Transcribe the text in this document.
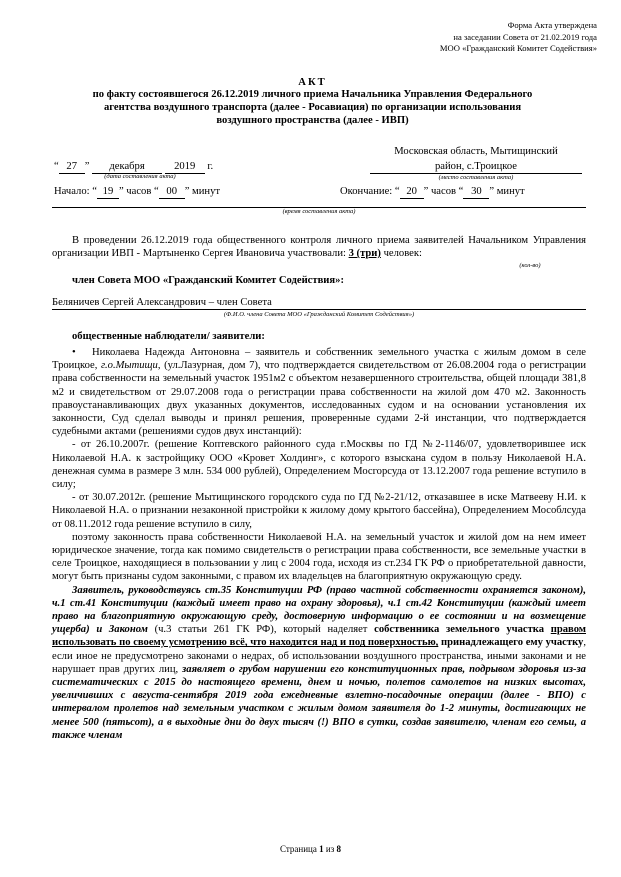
Форма Акта утверждена
на заседании Совета от 21.02.2019 года
МОО «Гражданский Комитет Содействия»
АКТ
по факту состоявшегося 26.12.2019 личного приема Начальника Управления Федерального
агентства воздушного транспорта (далее - Росавиация) по организации использования
воздушного пространства (далее - ИВП)
“ 27 ” декабря	2019 г.
(дата составления акта)
Московская область, Мытищинский
район, с.Троицкое
(место составления акта)
Начало: “ 19 ” часов “ 00 ” минут	Окончание: “ 20 ” часов “ 30 ” минут
(время составления акта)
В проведении 26.12.2019 года общественного контроля личного приема заявителей Начальником Управления организации ИВП - Мартыненко Сергея Ивановича участвовали: 3 (три) человек:
(кол-во)
член Совета МОО «Гражданский Комитет Содействия»:
Беляничев Сергей Александрович – член Совета
(Ф.И.О. члена Совета МОО «Гражданский Комитет Содействия»)
общественные наблюдатели/ заявители:

• Николаева Надежда Антоновна – заявитель и собственник земельного участка с жилым домом в селе Троицкое, г.о.Мытищи, (ул.Лазурная, дом 7), что подтверждается свидетельством от 26.08.2004 года о регистрации права собственности на земельный участок 1951м2 с объектом незавершенного строительства, общей площади 381,8 м2 и свидетельством от 29.07.2008 года о регистрации права собственности на жилой дом 470 м2. Законность правоустанавливающих двух указанных документов, исследованных судом и на основании установления их законности, Суд сделал выводы и принял решения, проверенные судами 2-й инстанции, что подтверждается судебными актами (решениями судов двух инстанций):

- от 26.10.2007г. (решение Коптевского районного суда г.Москвы по ГД №2-1146/07, удовлетворившее иск Николаевой Н.А. к застройщику ООО «Кровет Холдинг», с которого взыскана судом в пользу Николаевой Н.А. денежная сумма в размере 3 млн. 534 000 рублей), Определением Мосгорсуда от 13.12.2007 года решение вступило в силу;

- от 30.07.2012г. (решение Мытищинского городского суда по ГД №2-21/12, отказавшее в иске Матвееву Н.И. к Николаевой Н.А. о признании незаконной пристройки к жилому дому крытого бассейна), Определением Мособлсуда от 08.11.2012 года решение вступило в силу,

поэтому законность права собственности Николаевой Н.А. на земельный участок и жилой дом на нем имеет юридическое значение, тогда как помимо свидетельств о регистрации права собственности, все земельные участки в селе Троицкое, находящиеся в пользовании у лиц с 2004 года, исходя из ст.234 ГК РФ о приобретательной давности, могут быть признаны судом законными, с правом их владельцев на благоприятную окружающую среду.

Заявитель, руководствуясь ст.35 Конституции РФ (право частной собственности охраняется законом), ч.1 ст.41 Конституции (каждый имеет право на охрану здоровья), ч.1 ст.42 Конституции (каждый имеет право на благоприятную окружающую среду, достоверную информацию о ее состоянии и на возмещение ущерба) и Законом (ч.3 статьи 261 ГК РФ), который наделяет собственника земельного участка правом использовать по своему усмотрению всё, что находится над и под поверхностью, принадлежащего ему участку, если иное не предусмотрено законами о недрах, об использовании воздушного пространства, иными законами и не нарушает прав других лиц, заявляет о грубом нарушении его конституционных прав, подрывом здоровья из-за систематических с 2015 до настоящего времени, днем и ночью, полетов самолетов на низких высотах, увеличивших с августа-сентября 2019 года ежедневные взлетно-посадочные операции (далее - ВПО) с интервалом пролетов над земельным участком с жилым домом заявителя до 1-2 минуты, достигающих не менее 500 (пятьсот), а в выходные дни до двух тысяч (!) ВПО в сутки, создав заявителю, членам его семьи, а также членам

Страница 1 из 8
